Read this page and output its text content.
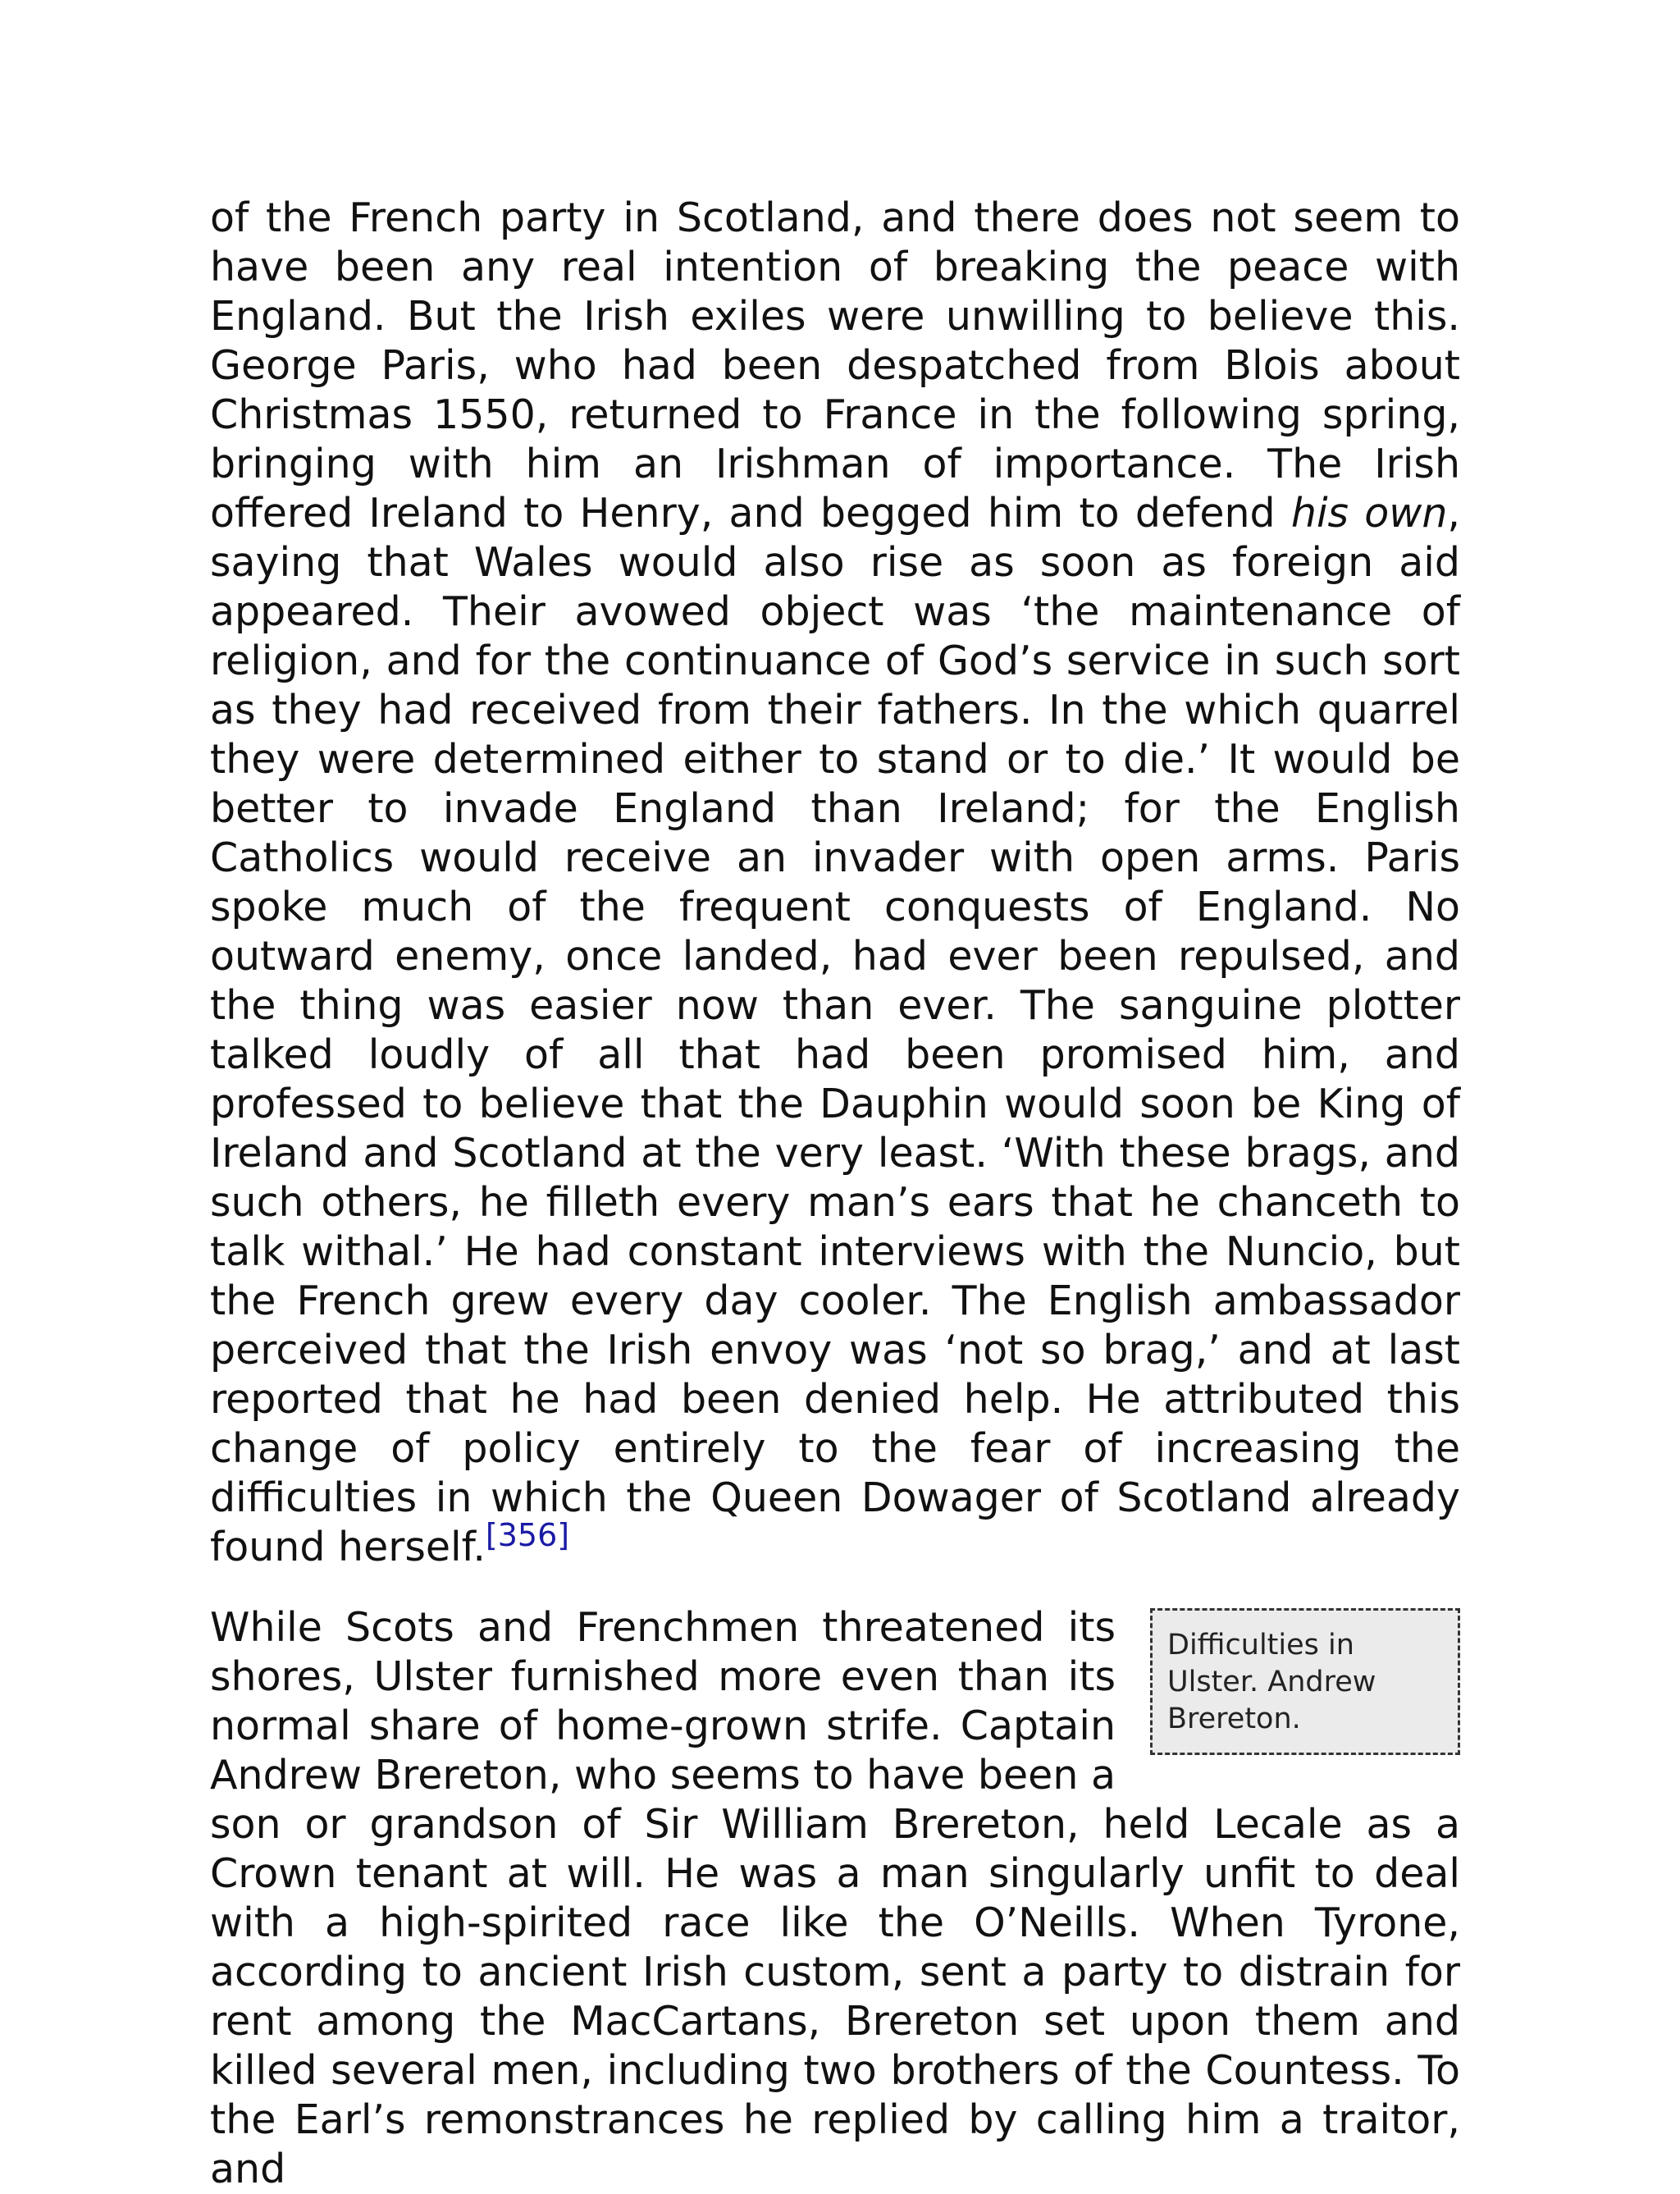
of the French party in Scotland, and there does not seem to have been any real intention of breaking the peace with England. But the Irish exiles were unwilling to believe this. George Paris, who had been despatched from Blois about Christmas 1550, returned to France in the following spring, bringing with him an Irishman of importance. The Irish offered Ireland to Henry, and begged him to defend his own, saying that Wales would also rise as soon as foreign aid appeared. Their avowed object was ‘the maintenance of religion, and for the continuance of God’s service in such sort as they had received from their fathers. In the which quarrel they were determined either to stand or to die.’ It would be better to invade England than Ireland; for the English Catholics would receive an invader with open arms. Paris spoke much of the frequent conquests of England. No outward enemy, once landed, had ever been repulsed, and the thing was easier now than ever. The sanguine plotter talked loudly of all that had been promised him, and professed to believe that the Dauphin would soon be King of Ireland and Scotland at the very least. ‘With these brags, and such others, he filleth every man’s ears that he chanceth to talk withal.’ He had constant interviews with the Nuncio, but the French grew every day cooler. The English ambassador perceived that the Irish envoy was ‘not so brag,’ and at last reported that he had been denied help. He attributed this change of policy entirely to the fear of increasing the difficulties in which the Queen Dowager of Scotland already found herself.[356]

Difficulties in Ulster. Andrew Brereton.
While Scots and Frenchmen threatened its shores, Ulster furnished more even than its normal share of home-grown strife. Captain Andrew Brereton, who seems to have been a son or grandson of Sir William Brereton, held Lecale as a Crown tenant at will. He was a man singularly unfit to deal with a high-spirited race like the O’Neills. When Tyrone, according to ancient Irish custom, sent a party to distrain for rent among the MacCartans, Brereton set upon them and killed several men, including two brothers of the Countess. To the Earl’s remonstrances he replied by calling him a traitor, and
